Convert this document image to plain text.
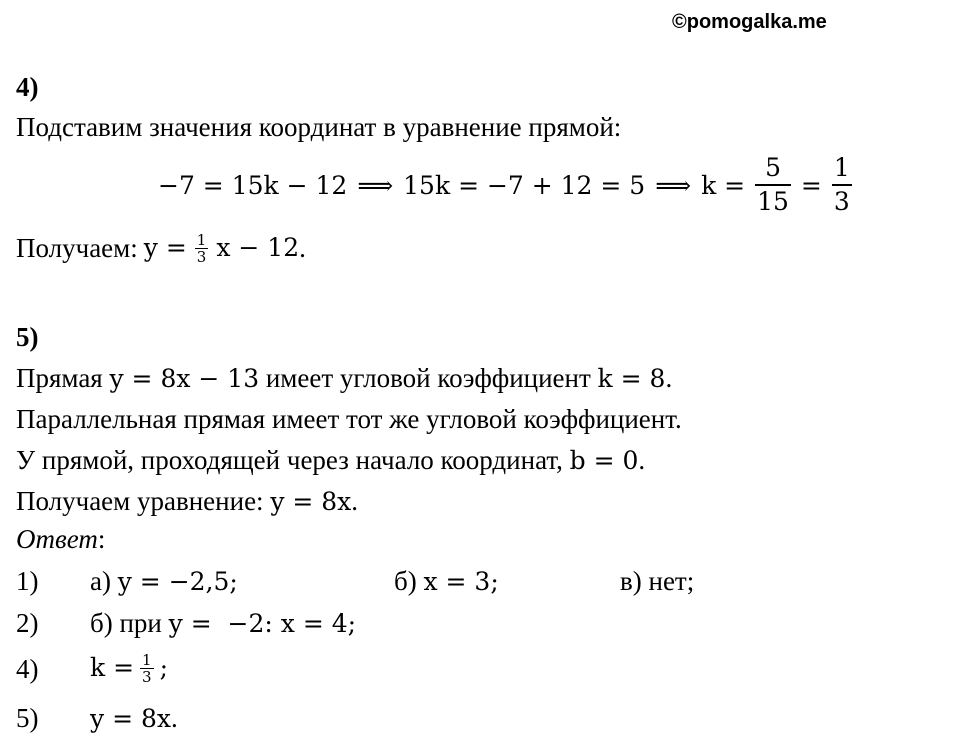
©pomogalka.me
4)
Подставим значения координат в уравнение прямой:
−7 = 15k − 12 ⟹ 15k = −7 + 12 = 5 ⟹ $k = \frac{5}{15} = \frac{1}{3}$
Получаем: $y = \frac{1}{3}$ x − 12 .
5)
Прямая y = 8x − 13 имеет угловой коэффициент k = 8.
Параллельная прямая имеет тот же угловой коэффициент.
У прямой, проходящей через начало координат, b = 0.
Получаем уравнение: y = 8x.
Ответ:
1) а) y = −2,5;	б) x = 3;	в) нет;
2) б) при y =  −2: x = 4;
4) $k = \frac{1}{3}$ ;
5) y = 8x.
